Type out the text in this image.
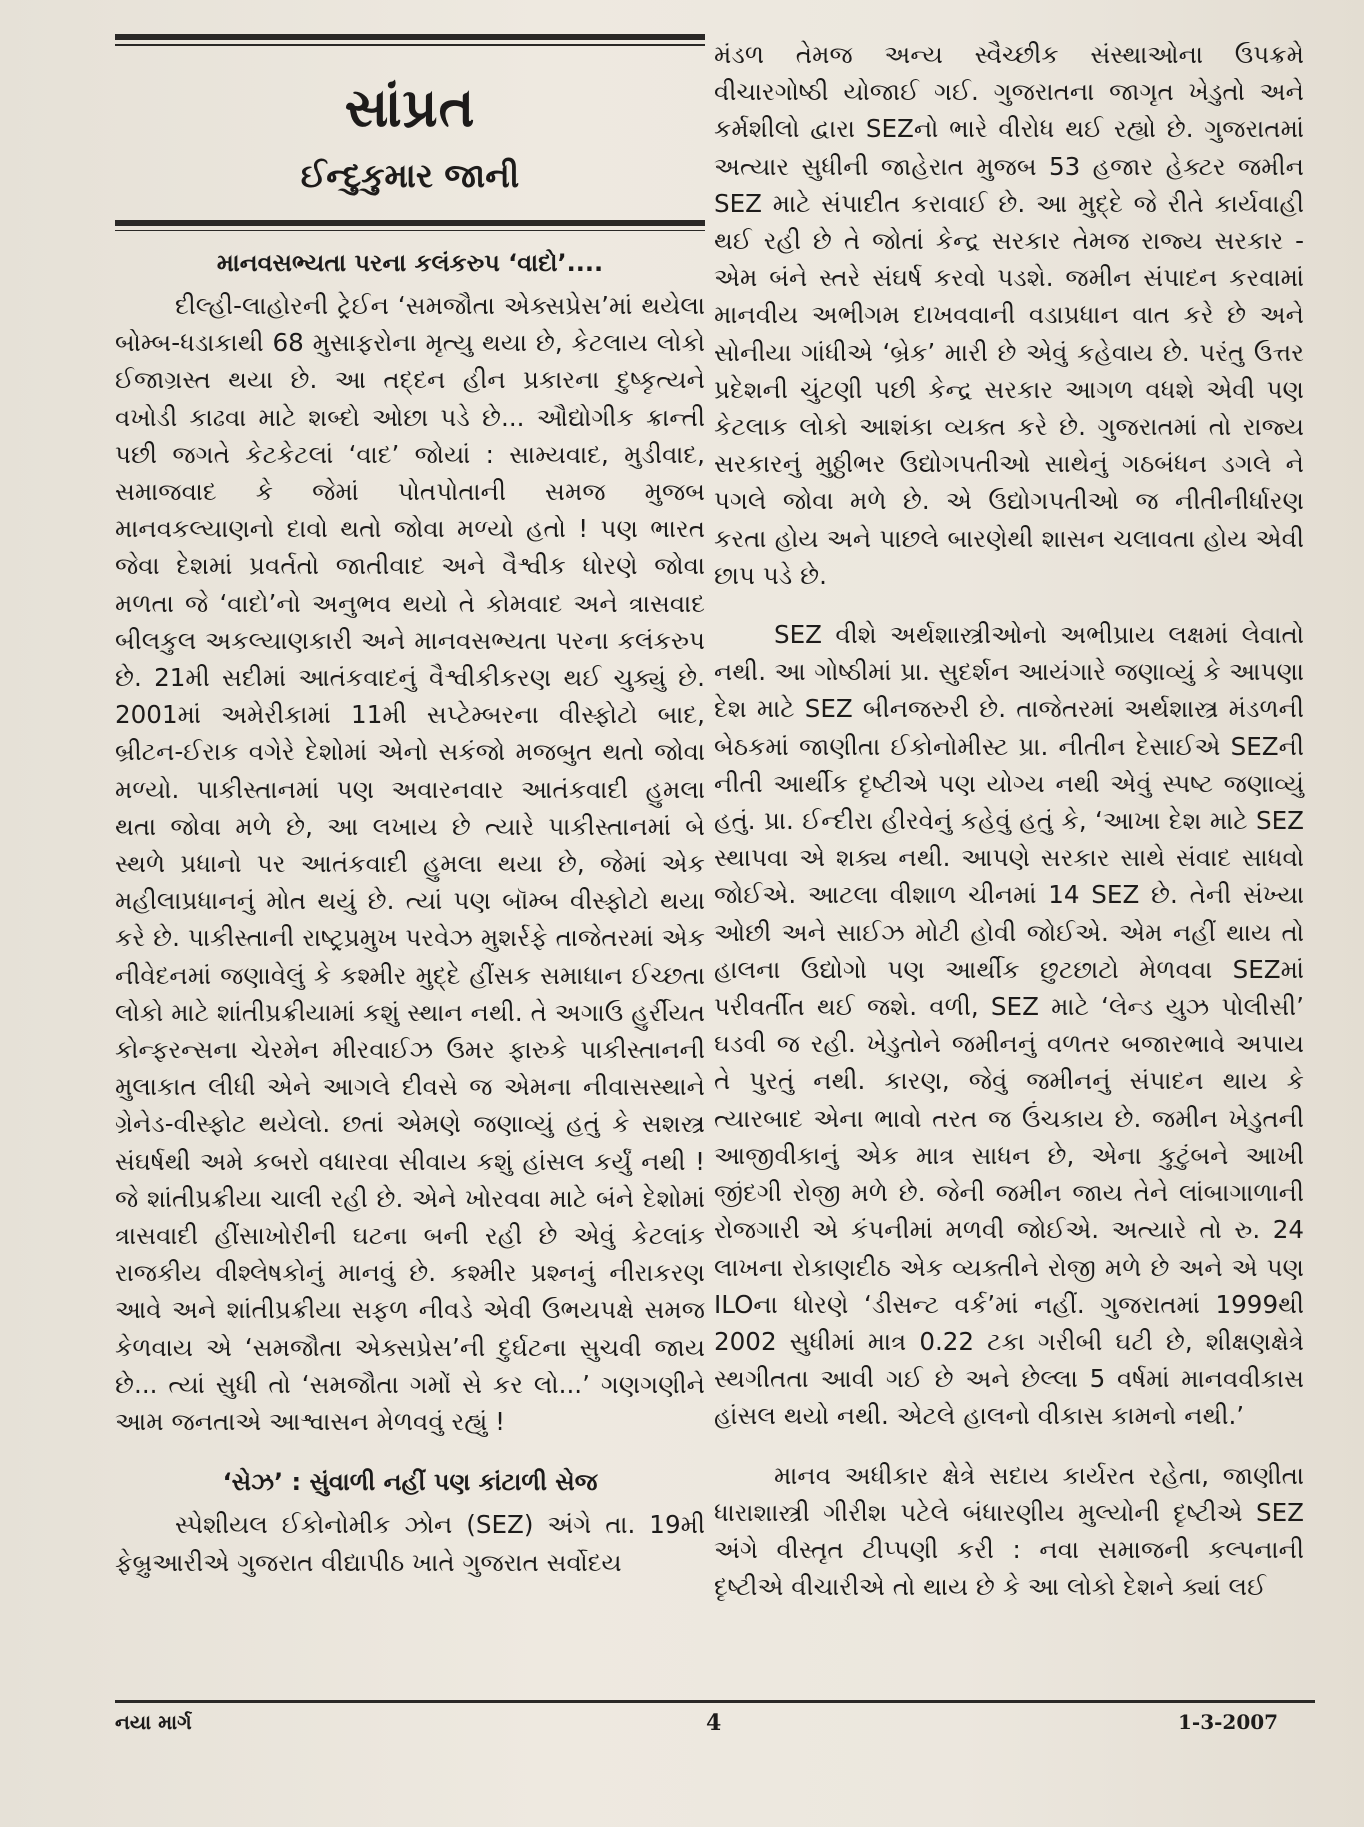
સાંપ્રત
ઈન્દુકુમાર જાની
માનવસભ્યતા પરના કલંકરુપ ‘વાદો’....

દીલ્હી-લાહોરની ટ્રેઈન ‘સમજૌતા એક્સપ્રેસ’માં થયેલા બોમ્બ-ધડાકાથી 68 મુસાફરોના મૃત્યુ થયા છે, કેટલાય લોકો ઈજાગ્રસ્ત થયા છે. આ તદ્દન હીન પ્રકારના દુષ્કૃત્યને વખોડી કાઢવા માટે શબ્દો ઓછા પડે છે... ઔદ્યોગીક ક્રાન્તી પછી જગતે કેટકેટલાં ‘વાદ’ જોયાં : સામ્યવાદ, મુડીવાદ, સમાજવાદ કે જેમાં પોતપોતાની સમજ મુજબ માનવકલ્યાણનો દાવો થતો જોવા મળ્યો હતો ! પણ ભારત જેવા દેશમાં પ્રવર્તતો જાતીવાદ અને વૈશ્વીક ધોરણે જોવા મળતા જે ‘વાદો’નો અનુભવ થયો તે કોમવાદ અને ત્રાસવાદ બીલકુલ અકલ્યાણકારી અને માનવસભ્યતા પરના કલંકરુપ છે. 21મી સદીમાં આતંકવાદનું વૈશ્વીકીકરણ થઈ ચુક્યું છે. 2001માં અમેરીકામાં 11મી સપ્ટેમ્બરના વીસ્ફોટો બાદ, બ્રીટન-ઈરાક વગેરે દેશોમાં એનો સકંજો મજબુત થતો જોવા મળ્યો. પાકીસ્તાનમાં પણ અવારનવાર આતંકવાદી હુમલા થતા જોવા મળે છે, આ લખાય છે ત્યારે પાકીસ્તાનમાં બે સ્થળે પ્રધાનો પર આતંકવાદી હુમલા થયા છે, જેમાં એક મહીલાપ્રધાનનું મોત થયું છે. ત્યાં પણ બૉમ્બ વીસ્ફોટો થયા કરે છે. પાકીસ્તાની રાષ્ટ્રપ્રમુખ પરવેઝ મુશર્રફે તાજેતરમાં એક નીવેદનમાં જણાવેલું કે કશ્મીર મુદ્દે હીંસક સમાધાન ઈચ્છતા લોકો માટે શાંતીપ્રક્રીયામાં કશું સ્થાન નથી. તે અગાઉ હુર્રીયત કોન્ફરન્સના ચેરમેન મીરવાઈઝ ઉમર ફારુકે પાકીસ્તાનની મુલાકાત લીધી એને આગલે દીવસે જ એમના નીવાસસ્થાને ગ્રેનેડ-વીસ્ફોટ થયેલો. છતાં એમણે જણાવ્યું હતું કે સશસ્ત્ર સંઘર્ષથી અમે કબરો વધારવા સીવાય કશું હાંસલ કર્યું નથી ! જે શાંતીપ્રક્રીયા ચાલી રહી છે. એને ખોરવવા માટે બંને દેશોમાં ત્રાસવાદી હીંસાખોરીની ઘટના બની રહી છે એવું કેટલાંક રાજકીય વીશ્લેષકોનું માનવું છે. કશ્મીર પ્રશ્નનું નીરાકરણ આવે અને શાંતીપ્રક્રીયા સફળ નીવડે એવી ઉભયપક્ષે સમજ કેળવાય એ ‘સમજૌતા એક્સપ્રેસ’ની દુર્ઘટના સુચવી જાય છે... ત્યાં સુધી તો ‘સમજૌતા ગમોં સે કર લો...’ ગણગણીને આમ જનતાએ આશ્વાસન મેળવવું રહ્યું !

‘સેઝ’ : સુંવાળી નહીં પણ કાંટાળી સેજ

સ્પેશીયલ ઈકોનોમીક ઝોન (SEZ) અંગે તા. 19મી ફેબ્રુઆરીએ ગુજરાત વીદ્યાપીઠ ખાતે ગુજરાત સર્વોદય

મંડળ તેમજ અન્ય સ્વૈચ્છીક સંસ્થાઓના ઉપક્રમે વીચારગોષ્ઠી યોજાઈ ગઈ. ગુજરાતના જાગૃત ખેડુતો અને કર્મશીલો દ્વારા SEZનો ભારે વીરોધ થઈ રહ્યો છે. ગુજરાતમાં અત્યાર સુધીની જાહેરાત મુજબ 53 હજાર હેક્ટર જમીન SEZ માટે સંપાદીત કરાવાઈ છે. આ મુદ્દે જે રીતે કાર્યવાહી થઈ રહી છે તે જોતાં કેન્દ્ર સરકાર તેમજ રાજ્ય સરકાર - એમ બંને સ્તરે સંઘર્ષ કરવો પડશે. જમીન સંપાદન કરવામાં માનવીય અભીગમ દાખવવાની વડાપ્રધાન વાત કરે છે અને સોનીયા ગાંધીએ ‘બ્રેક’ મારી છે એવું કહેવાય છે. પરંતુ ઉત્તર પ્રદેશની ચુંટણી પછી કેન્દ્ર સરકાર આગળ વધશે એવી પણ કેટલાક લોકો આશંકા વ્યક્ત કરે છે. ગુજરાતમાં તો રાજ્ય સરકારનું મુઠ્ઠીભર ઉદ્યોગપતીઓ સાથેનું ગઠબંધન ડગલે ને પગલે જોવા મળે છે. એ ઉદ્યોગપતીઓ જ નીતીનીર્ધારણ કરતા હોય અને પાછલે બારણેથી શાસન ચલાવતા હોય એવી છાપ પડે છે.

SEZ વીશે અર્થશાસ્ત્રીઓનો અભીપ્રાય લક્ષમાં લેવાતો નથી. આ ગોષ્ઠીમાં પ્રા. સુદર્શન આયંગારે જણાવ્યું કે આપણા દેશ માટે SEZ બીનજરુરી છે. તાજેતરમાં અર્થશાસ્ત્ર મંડળની બેઠકમાં જાણીતા ઈકોનોમીસ્ટ પ્રા. નીતીન દેસાઈએ SEZની નીતી આર્થીક દૃષ્ટીએ પણ યોગ્ય નથી એવું સ્પષ્ટ જણાવ્યું હતું. પ્રા. ઈન્દીરા હીરવેનું કહેવું હતું કે, ‘આખા દેશ માટે SEZ સ્થાપવા એ શક્ય નથી. આપણે સરકાર સાથે સંવાદ સાધવો જોઈએ. આટલા વીશાળ ચીનમાં 14 SEZ છે. તેની સંખ્યા ઓછી અને સાઈઝ મોટી હોવી જોઈએ. એમ નહીં થાય તો હાલના ઉદ્યોગો પણ આર્થીક છુટછાટો મેળવવા SEZમાં પરીવર્તીત થઈ જશે. વળી, SEZ માટે ‘લેન્ડ યુઝ પોલીસી’ ઘડવી જ રહી. ખેડુતોને જમીનનું વળતર બજારભાવે અપાય તે પુરતું નથી. કારણ, જેવું જમીનનું સંપાદન થાય કે ત્યારબાદ એના ભાવો તરત જ ઉંચકાય છે. જમીન ખેડુતની આજીવીકાનું એક માત્ર સાધન છે, એના કુટુંબને આખી જીંદગી રોજી મળે છે. જેની જમીન જાય તેને લાંબાગાળાની રોજગારી એ કંપનીમાં મળવી જોઈએ. અત્યારે તો રુ. 24 લાખના રોકાણદીઠ એક વ્યક્તીને રોજી મળે છે અને એ પણ ILOના ધોરણે ‘ડીસન્ટ વર્ક’માં નહીં. ગુજરાતમાં 1999થી 2002 સુધીમાં માત્ર 0.22 ટકા ગરીબી ઘટી છે, શીક્ષણક્ષેત્રે સ્થગીતતા આવી ગઈ છે અને છેલ્લા 5 વર્ષમાં માનવવીકાસ હાંસલ થયો નથી. એટલે હાલનો વીકાસ કામનો નથી.’

માનવ અધીકાર ક્ષેત્રે સદાય કાર્યરત રહેતા, જાણીતા ધારાશાસ્ત્રી ગીરીશ પટેલે બંધારણીય મુલ્યોની દૃષ્ટીએ SEZ અંગે વીસ્તૃત ટીપ્પણી કરી : નવા સમાજની કલ્પનાની દૃષ્ટીએ વીચારીએ તો થાય છે કે આ લોકો દેશને ક્યાં લઈ

નયા માર્ગ	4	1-3-2007
